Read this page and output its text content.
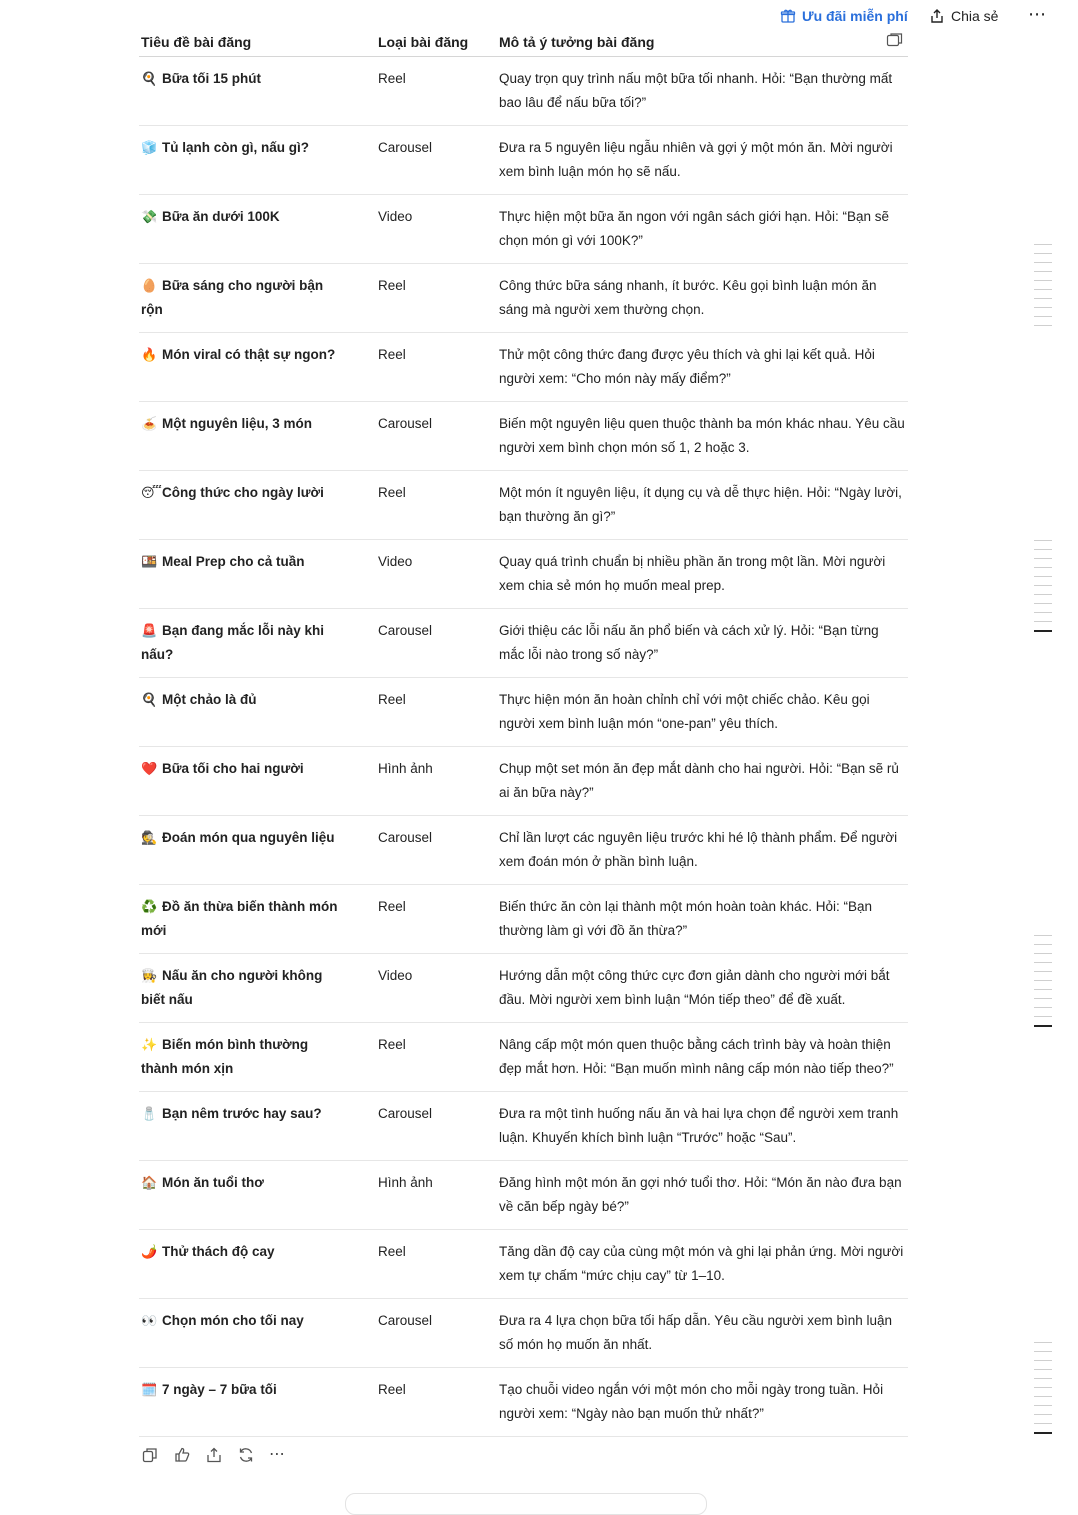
Ưu đãi miễn phí	Chia sẻ ⋯
Tiêu đề bài đăng	Loại bài đăng	Mô tả ý tưởng bài đăng
🍳 Bữa tối 15 phút	Reel	Quay trọn quy trình nấu một bữa tối nhanh. Hỏi: “Bạn thường mất bao lâu để nấu bữa tối?”
🧊 Tủ lạnh còn gì, nấu gì?	Carousel	Đưa ra 5 nguyên liệu ngẫu nhiên và gợi ý một món ăn. Mời người xem bình luận món họ sẽ nấu.
💸 Bữa ăn dưới 100K	Video	Thực hiện một bữa ăn ngon với ngân sách giới hạn. Hỏi: “Bạn sẽ chọn món gì với 100K?”
🥚 Bữa sáng cho người bận rộn	Reel	Công thức bữa sáng nhanh, ít bước. Kêu gọi bình luận món ăn sáng mà người xem thường chọn.
🔥 Món viral có thật sự ngon?	Reel	Thử một công thức đang được yêu thích và ghi lại kết quả. Hỏi người xem: “Cho món này mấy điểm?”
🍝 Một nguyên liệu, 3 món	Carousel	Biến một nguyên liệu quen thuộc thành ba món khác nhau. Yêu cầu người xem bình chọn món số 1, 2 hoặc 3.
😴Công thức cho ngày lười	Reel	Một món ít nguyên liệu, ít dụng cụ và dễ thực hiện. Hỏi: “Ngày lười, bạn thường ăn gì?”
🍱 Meal Prep cho cả tuần	Video	Quay quá trình chuẩn bị nhiều phần ăn trong một lần. Mời người xem chia sẻ món họ muốn meal prep.
🚨 Bạn đang mắc lỗi này khi nấu?	Carousel	Giới thiệu các lỗi nấu ăn phổ biến và cách xử lý. Hỏi: “Bạn từng mắc lỗi nào trong số này?”
🍳 Một chảo là đủ	Reel	Thực hiện món ăn hoàn chỉnh chỉ với một chiếc chảo. Kêu gọi người xem bình luận món “one-pan” yêu thích.
❤️ Bữa tối cho hai người	Hình ảnh	Chụp một set món ăn đẹp mắt dành cho hai người. Hỏi: “Bạn sẽ rủ ai ăn bữa này?”
🕵️ Đoán món qua nguyên liệu	Carousel	Chỉ lần lượt các nguyên liệu trước khi hé lộ thành phẩm. Để người xem đoán món ở phần bình luận.
♻️ Đồ ăn thừa biến thành món mới	Reel	Biến thức ăn còn lại thành một món hoàn toàn khác. Hỏi: “Bạn thường làm gì với đồ ăn thừa?”
👩‍🍳 Nấu ăn cho người không biết nấu	Video	Hướng dẫn một công thức cực đơn giản dành cho người mới bắt đầu. Mời người xem bình luận “Món tiếp theo” để đề xuất.
✨ Biến món bình thường thành món xịn	Reel	Nâng cấp một món quen thuộc bằng cách trình bày và hoàn thiện đẹp mắt hơn. Hỏi: “Bạn muốn mình nâng cấp món nào tiếp theo?”
🧂 Bạn nêm trước hay sau?	Carousel	Đưa ra một tình huống nấu ăn và hai lựa chọn để người xem tranh luận. Khuyến khích bình luận “Trước” hoặc “Sau”.
🏠 Món ăn tuổi thơ	Hình ảnh	Đăng hình một món ăn gợi nhớ tuổi thơ. Hỏi: “Món ăn nào đưa bạn về căn bếp ngày bé?”
🌶️ Thử thách độ cay	Reel	Tăng dần độ cay của cùng một món và ghi lại phản ứng. Mời người xem tự chấm “mức chịu cay” từ 1–10.
👀 Chọn món cho tối nay	Carousel	Đưa ra 4 lựa chọn bữa tối hấp dẫn. Yêu cầu người xem bình luận số món họ muốn ăn nhất.
🗓️ 7 ngày – 7 bữa tối	Reel	Tạo chuỗi video ngắn với một món cho mỗi ngày trong tuần. Hỏi người xem: “Ngày nào bạn muốn thử nhất?”
⋯
